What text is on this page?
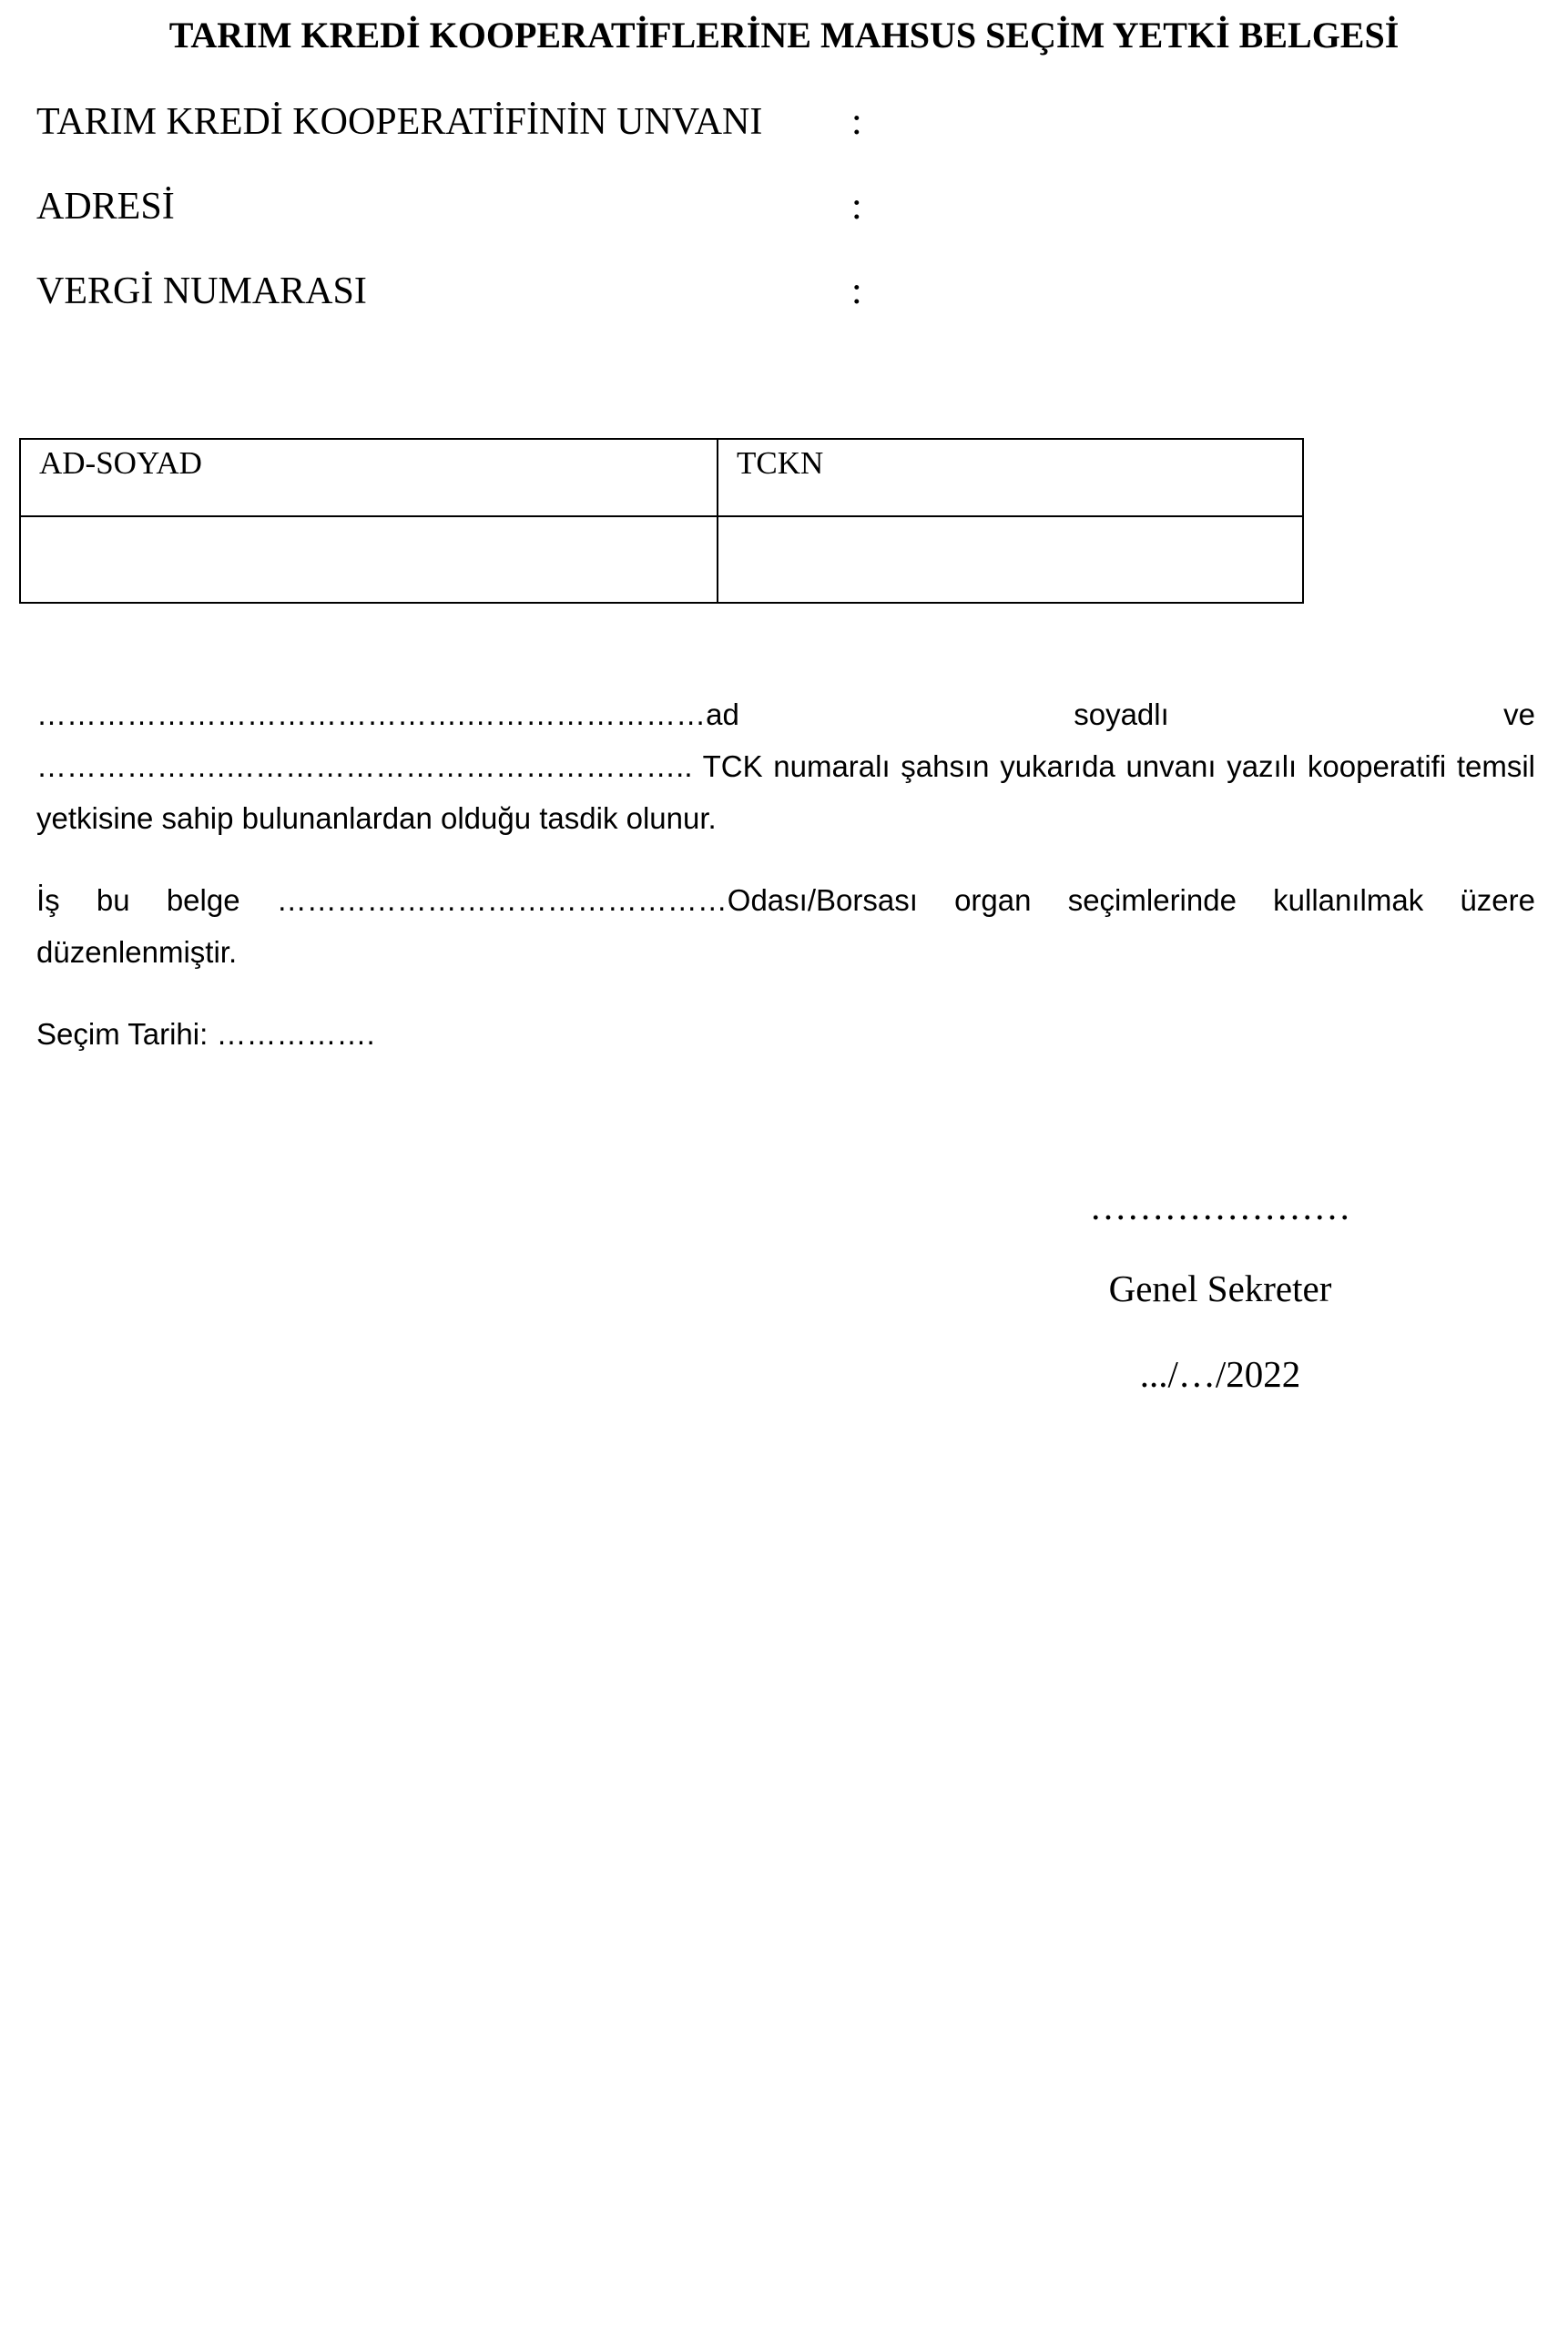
TARIM KREDİ KOOPERATİFLERİNE MAHSUS SEÇİM YETKİ BELGESİ
TARIM KREDİ KOOPERATİFİNİN UNVANI :
ADRESİ	:
VERGİ NUMARASI	:
AD-SOYAD	TCKN

…………………………………….……………………ad soyadlı ve ……………….……………………………………….. TCK numaralı şahsın yukarıda unvanı yazılı kooperatifi temsil yetkisine sahip bulunanlardan olduğu tasdik olunur.

İş bu belge ………………………………………Odası/Borsası organ seçimlerinde kullanılmak üzere düzenlenmiştir.

Seçim Tarihi: …………….

…………………
Genel Sekreter
.../…/2022
